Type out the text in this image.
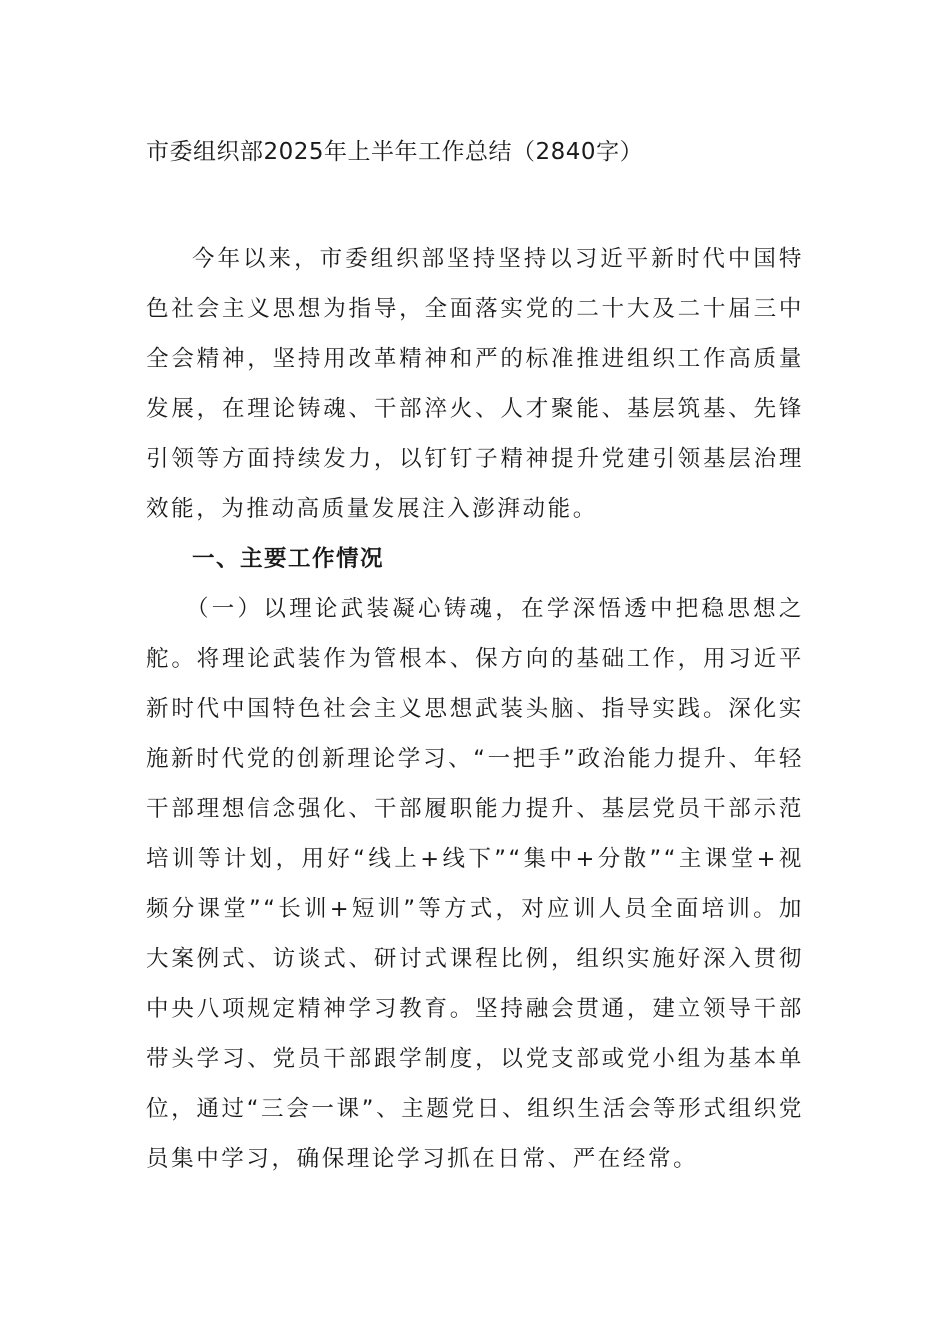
市委组织部2025年上半年工作总结（2840字）

今年以来，市委组织部坚持坚持以习近平新时代中国特色社会主义思想为指导，全面落实党的二十大及二十届三中全会精神，坚持用改革精神和严的标准推进组织工作高质量发展，在理论铸魂、干部淬火、人才聚能、基层筑基、先锋引领等方面持续发力，以钉钉子精神提升党建引领基层治理效能，为推动高质量发展注入澎湃动能。

一、主要工作情况

（一）以理论武装凝心铸魂，在学深悟透中把稳思想之舵。将理论武装作为管根本、保方向的基础工作，用习近平新时代中国特色社会主义思想武装头脑、指导实践。深化实施新时代党的创新理论学习、“一把手”政治能力提升、年轻干部理想信念强化、干部履职能力提升、基层党员干部示范培训等计划，用好“线上+线下”“集中+分散”“主课堂+视频分课堂”“长训+短训”等方式，对应训人员全面培训。加大案例式、访谈式、研讨式课程比例，组织实施好深入贯彻中央八项规定精神学习教育。坚持融会贯通，建立领导干部带头学习、党员干部跟学制度，以党支部或党小组为基本单位，通过“三会一课”、主题党日、组织生活会等形式组织党员集中学习，确保理论学习抓在日常、严在经常。
